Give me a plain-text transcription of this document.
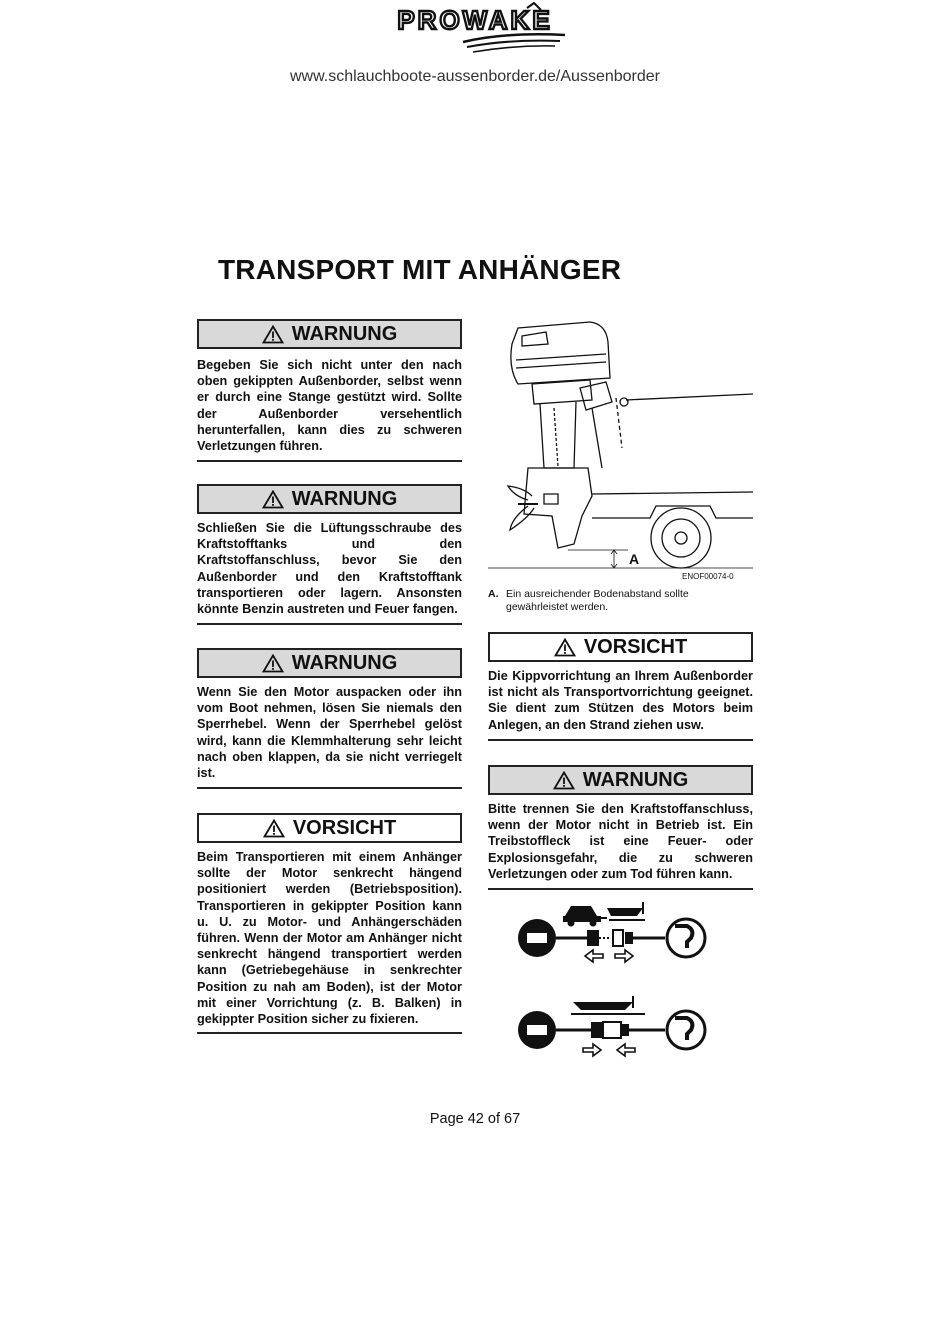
PROWAKE
www.schlauchboote-aussenborder.de/Aussenborder
TRANSPORT MIT ANHÄNGER
WARNUNG
Begeben Sie sich nicht unter den nach oben gekippten Außenborder, selbst wenn er durch eine Stange gestützt wird. Sollte der Außenborder versehentlich herunterfallen, kann dies zu schweren Verletzungen führen.
WARNUNG
Schließen Sie die Lüftungsschraube des Kraftstofftanks und den Kraftstoffanschluss, bevor Sie den Außenborder und den Kraftstofftank transportieren oder lagern. Ansonsten könnte Benzin austreten und Feuer fangen.
WARNUNG
Wenn Sie den Motor auspacken oder ihn vom Boot nehmen, lösen Sie niemals den Sperrhebel. Wenn der Sperrhebel gelöst wird, kann die Klemmhalterung sehr leicht nach oben klappen, da sie nicht verriegelt ist.
VORSICHT
Beim Transportieren mit einem Anhänger sollte der Motor senkrecht hängend positioniert werden (Betriebsposition). Transportieren in gekippter Position kann u. U. zu Motor- und Anhängerschäden führen. Wenn der Motor am Anhänger nicht senkrecht hängend transportiert werden kann (Getriebegehäuse in senkrechter Position zu nah am Boden), ist der Motor mit einer Vorrichtung (z. B. Balken) in gekippter Position sicher zu fixieren.
A
ENOF00074-0
A. Ein ausreichender Bodenabstand sollte gewährleistet werden.
VORSICHT
Die Kippvorrichtung an Ihrem Außenborder ist nicht als Transportvorrichtung geeignet. Sie dient zum Stützen des Motors beim Anlegen, an den Strand ziehen usw.
WARNUNG
Bitte trennen Sie den Kraftstoffanschluss, wenn der Motor nicht in Betrieb ist. Ein Treibstoffleck ist eine Feuer- oder Explosionsgefahr, die zu schweren Verletzungen oder zum Tod führen kann.
Page 42 of 67
